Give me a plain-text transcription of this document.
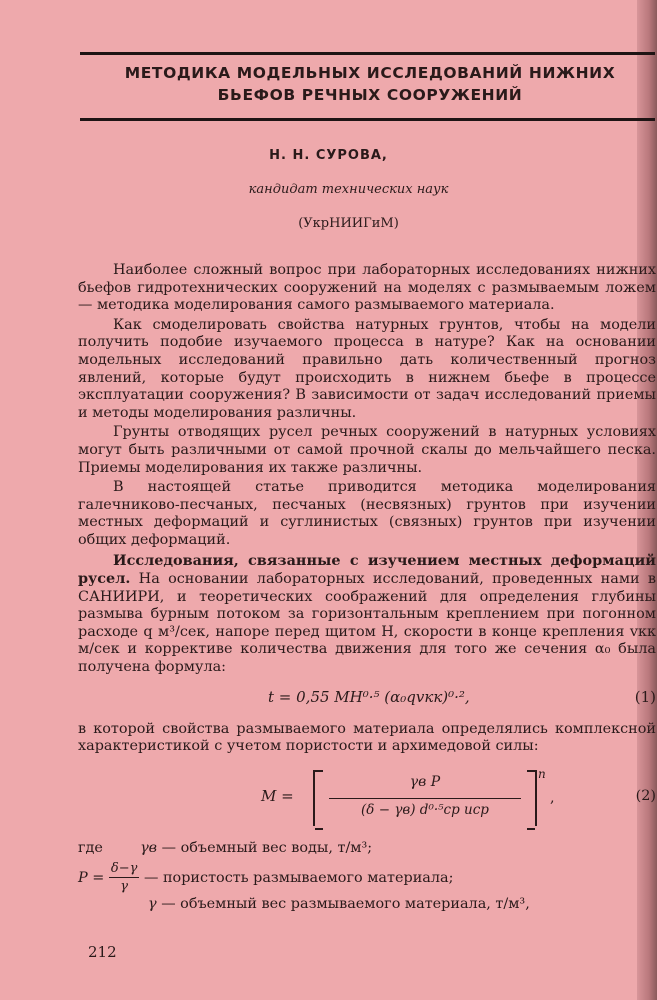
МЕТОДИКА МОДЕЛЬНЫХ ИССЛЕДОВАНИЙ НИЖНИХ
БЬЕФОВ РЕЧНЫХ СООРУЖЕНИЙ
Н. Н. СУРОВА,
кандидат технических наук
(УкрНИИГиМ)

Наиболее сложный вопрос при лабораторных исследованиях нижних бьефов гидротехнических сооружений на моделях с размываемым ложем — методика моделирования самого размываемого материала.

Как смоделировать свойства натурных грунтов, чтобы на модели получить подобие изучаемого процесса в натуре? Как на основании модельных исследований правильно дать количественный прогноз явлений, которые будут происходить в нижнем бьефе в процессе эксплуатации сооружения? В зависимости от задач исследований приемы и методы моделирования различны.

Грунты отводящих русел речных сооружений в натурных условиях могут быть различными от самой прочной скалы до мельчайшего песка. Приемы моделирования их также различны.

В настоящей статье приводится методика моделирования галечниково-песчаных, песчаных (несвязных) грунтов при изучении местных деформаций и суглинистых (связных) грунтов при изучении общих деформаций.

Исследования, связанные с изучением местных деформаций русел. На основании лабораторных исследований, проведенных нами в САНИИРИ, и теоретических соображений для определения глубины размыва бурным потоком за горизонтальным креплением при погонном расходе q м³/сек, напоре перед щитом H, скорости в конце крепления vкк м/сек и коррективе количества движения для того же сечения α₀ была получена формула:

t = 0,55 MH⁰·⁵ (α₀qvкк)⁰·²,	(1)

в которой свойства размываемого материала определялись комплексной характеристикой с учетом пористости и архимедовой силы:

M =
γв P
(δ − γв) d⁰·⁵ср uср
n
,	(2)
где	γв — объемный вес воды, т/м³;
$P = \frac{\delta-\gamma}{\gamma}$ — пористость размываемого материала;
γ — объемный вес размываемого материала, т/м³,
212
